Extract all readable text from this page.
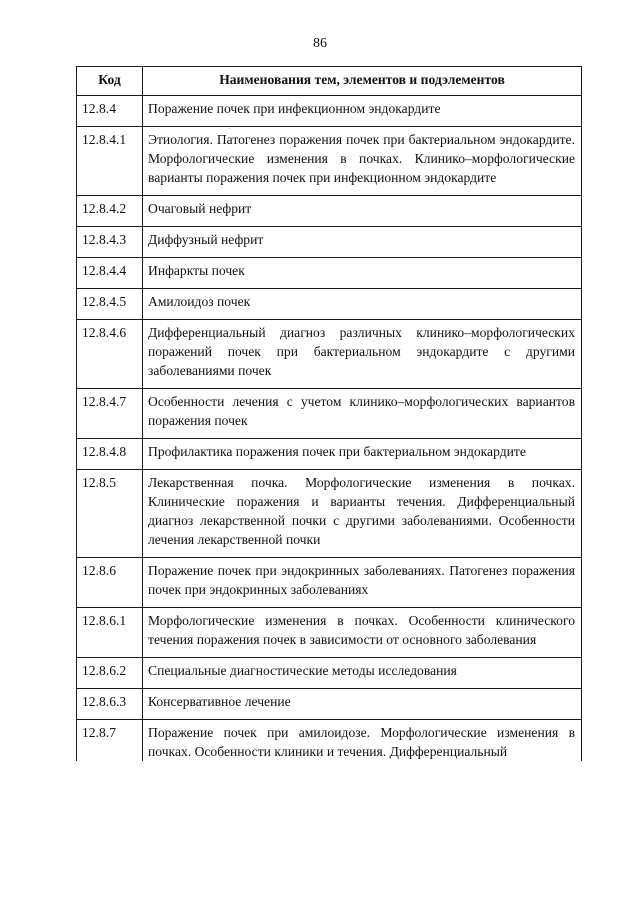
86
Код	Наименования тем, элементов и подэлементов
12.8.4	Поражение почек при инфекционном эндокардите
12.8.4.1	Этиология. Патогенез поражения почек при бактериальном эндокардите. Морфологические изменения в почках. Клинико–морфологические варианты поражения почек при инфекционном эндокардите
12.8.4.2	Очаговый нефрит
12.8.4.3	Диффузный нефрит
12.8.4.4	Инфаркты почек
12.8.4.5	Амилоидоз почек
12.8.4.6	Дифференциальный диагноз различных клинико–морфологических поражений почек при бактериальном эндокардите с другими заболеваниями почек
12.8.4.7	Особенности лечения с учетом клинико–морфологических вариантов поражения почек
12.8.4.8	Профилактика поражения почек при бактериальном эндокардите
12.8.5	Лекарственная почка. Морфологические изменения в почках. Клинические поражения и варианты течения. Дифференциальный диагноз лекарственной почки с другими заболеваниями. Особенности лечения лекарственной почки
12.8.6	Поражение почек при эндокринных заболеваниях. Патогенез поражения почек при эндокринных заболеваниях
12.8.6.1	Морфологические изменения в почках. Особенности клинического течения поражения почек в зависимости от основного заболевания
12.8.6.2	Специальные диагностические методы исследования
12.8.6.3	Консервативное лечение
12.8.7	Поражение почек при амилоидозе. Морфологические изменения в почках. Особенности клиники и течения. Дифференциальный
